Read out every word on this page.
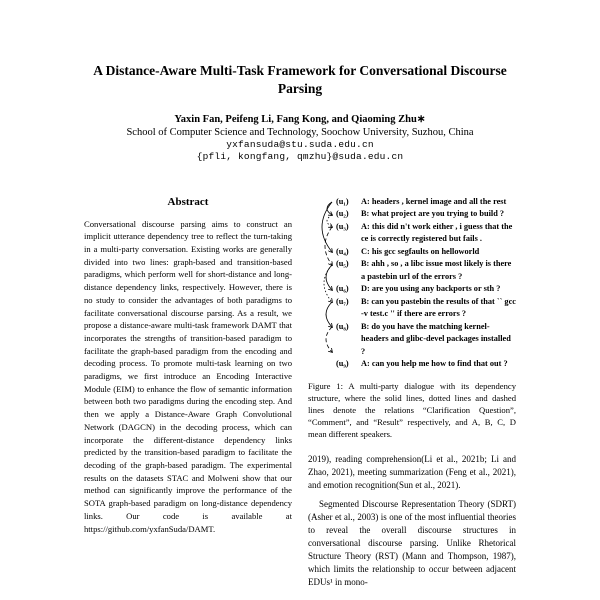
A Distance-Aware Multi-Task Framework for Conversational Discourse Parsing
Yaxin Fan, Peifeng Li, Fang Kong, and Qiaoming Zhu∗
School of Computer Science and Technology, Soochow University, Suzhou, China
yxfansuda@stu.suda.edu.cn
{pfli, kongfang, qmzhu}@suda.edu.cn
Abstract

Conversational discourse parsing aims to construct an implicit utterance dependency tree to reflect the turn-taking in a multi-party conversation. Existing works are generally divided into two lines: graph-based and transition-based paradigms, which perform well for short-distance and long-distance dependency links, respectively. However, there is no study to consider the advantages of both paradigms to facilitate conversational discourse parsing. As a result, we propose a distance-aware multi-task framework DAMT that incorporates the strengths of transition-based paradigm to facilitate the graph-based paradigm from the encoding and decoding process. To promote multi-task learning on two paradigms, we first introduce an Encoding Interactive Module (EIM) to enhance the flow of semantic information between both two paradigms during the encoding step. And then we apply a Distance-Aware Graph Convolutional Network (DAGCN) in the decoding process, which can incorporate the different-distance dependency links predicted by the transition-based paradigm to facilitate the decoding of the graph-based paradigm. The experimental results on the datasets STAC and Molweni show that our method can significantly improve the performance of the SOTA graph-based paradigm on long-distance dependency links. Our code is available at https://github.com/yxfanSuda/DAMT.

(u₁)	A: headers , kernel image and all the rest
(u₂)	B: what project are you trying to build ?
(u₃)	A: this did n't work either , i guess that the ce is correctly registered but fails .
(u₄)	C: his gcc segfaults on helloworld
(u₅)	B: ahh , so , a libc issue most likely is there a pastebin url of the errors ?
(u₆)	D: are you using any backports or sth ?
(u₇)	B: can you pastebin the results of that `` gcc -v test.c '' if there are errors ?
(u₈)	B: do you have the matching kernel-headers and glibc-devel packages installed ?
(u₉)	A: can you help me how to find that out ?

Figure 1: A multi-party dialogue with its dependency structure, where the solid lines, dotted lines and dashed lines denote the relations “Clarification Question”, “Comment”, and “Result” respectively, and A, B, C, D mean different speakers.

2019), reading comprehension(Li et al., 2021b; Li and Zhao, 2021), meeting summarization (Feng et al., 2021), and emotion recognition(Sun et al., 2021).

Segmented Discourse Representation Theory (SDRT) (Asher et al., 2003) is one of the most influential theories to reveal the overall discourse structures in conversational discourse parsing. Unlike Rhetorical Structure Theory (RST) (Mann and Thompson, 1987), which limits the relationship to occur between adjacent EDUs¹ in mono-
